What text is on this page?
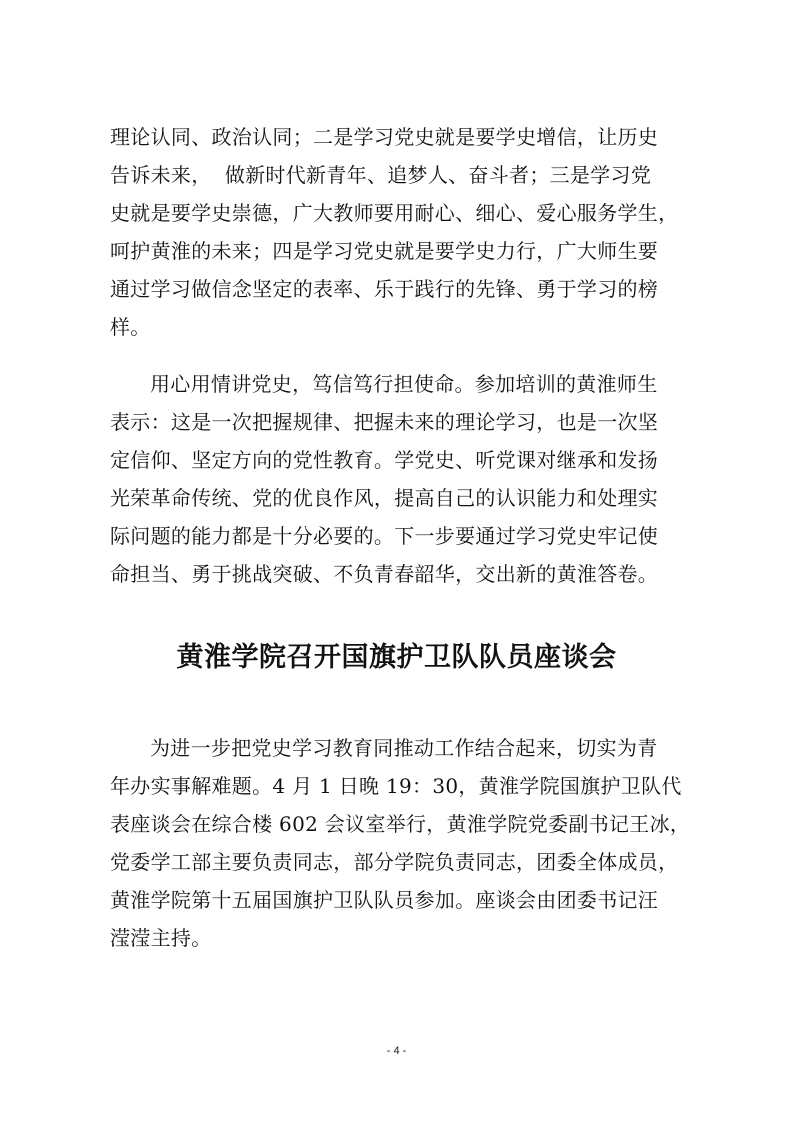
理论认同、政治认同；二是学习党史就是要学史增信，让历史
告诉未来，  做新时代新青年、追梦人、奋斗者；三是学习党
史就是要学史崇德，广大教师要用耐心、细心、爱心服务学生，
呵护黄淮的未来；四是学习党史就是要学史力行，广大师生要
通过学习做信念坚定的表率、乐于践行的先锋、勇于学习的榜
样。
用心用情讲党史，笃信笃行担使命。参加培训的黄淮师生
表示：这是一次把握规律、把握未来的理论学习，也是一次坚
定信仰、坚定方向的党性教育。学党史、听党课对继承和发扬
光荣革命传统、党的优良作风，提高自己的认识能力和处理实
际问题的能力都是十分必要的。下一步要通过学习党史牢记使
命担当、勇于挑战突破、不负青春韶华，交出新的黄淮答卷。
黄淮学院召开国旗护卫队队员座谈会
为进一步把党史学习教育同推动工作结合起来，切实为青
年办实事解难题。4 月 1 日晚 19：30，黄淮学院国旗护卫队代
表座谈会在综合楼 602 会议室举行，黄淮学院党委副书记王冰，
党委学工部主要负责同志，部分学院负责同志，团委全体成员，
黄淮学院第十五届国旗护卫队队员参加。座谈会由团委书记汪
滢滢主持。
- 4 -
